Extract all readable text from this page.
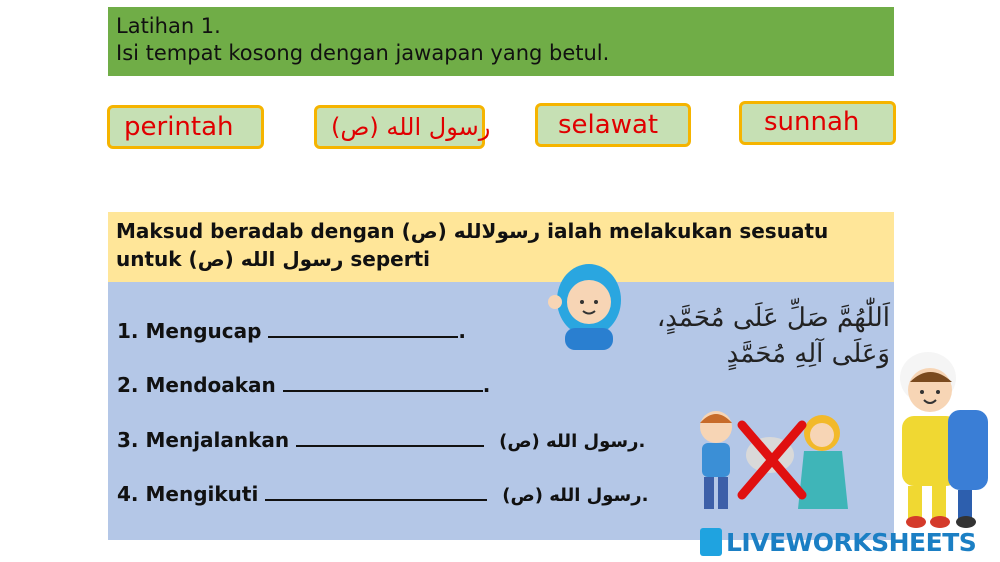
Latihan 1.
Isi tempat kosong dengan jawapan yang betul.
perintah	رسول الله (ص)	selawat	sunnah
Maksud beradab dengan (ص) رسولالله ialah melakukan sesuatu
untuk (ص) رسول الله seperti
1. Mengucap	.
2. Mendoakan	.
3. Menjalankan	رسول الله (ص).
4. Mengikuti	رسول الله (ص).
اَللّٰهُمَّ صَلِّ عَلَى مُحَمَّدٍ،
وَعَلَى آلِهِ مُحَمَّدٍ
LIVEWORKSHEETS
